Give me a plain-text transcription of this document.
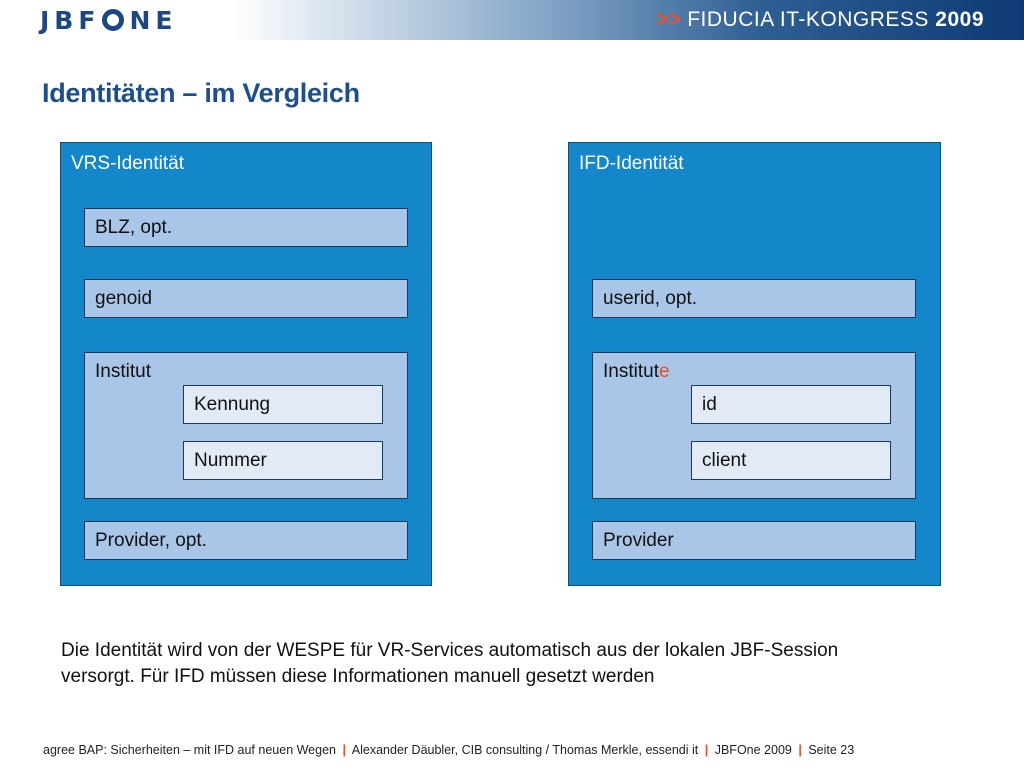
JBF NE	>> FIDUCIA IT-KONGRESS 2009
Identitäten – im Vergleich
VRS-Identität
BLZ, opt.
genoid
Institut
Kennung
Nummer
Provider, opt.
IFD-Identität
userid, opt.
Institute
id
client
Provider
Die Identität wird von der WESPE für VR-Services automatisch aus der lokalen JBF-Session
versorgt. Für IFD müssen diese Informationen manuell gesetzt werden
agree BAP: Sicherheiten – mit IFD auf neuen Wegen | Alexander Däubler, CIB consulting / Thomas Merkle, essendi it | JBFOne 2009 | Seite 23
